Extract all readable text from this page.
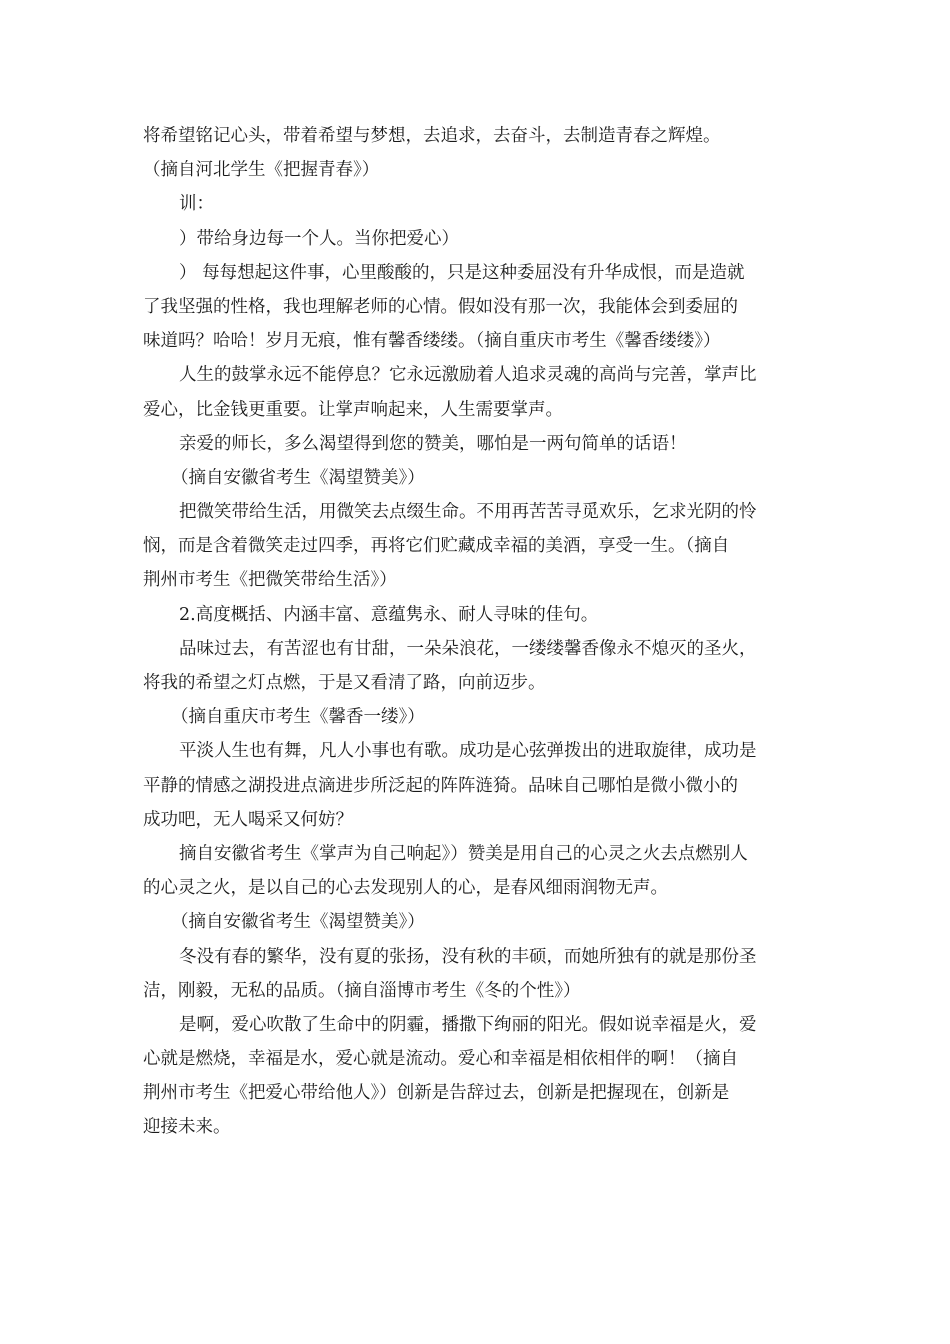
将希望铭记心头，带着希望与梦想，去追求，去奋斗，去制造青春之辉煌。
（摘自河北学生《把握青春》）
训：
）带给身边每一个人。当你把爱心）
） 每每想起这件事，心里酸酸的，只是这种委屈没有升华成恨，而是造就
了我坚强的性格，我也理解老师的心情。假如没有那一次，我能体会到委屈的
味道吗？哈哈！岁月无痕，惟有馨香缕缕。（摘自重庆市考生《馨香缕缕》）
人生的鼓掌永远不能停息？它永远激励着人追求灵魂的高尚与完善，掌声比
爱心，比金钱更重要。让掌声响起来，人生需要掌声。
亲爱的师长，多么渴望得到您的赞美，哪怕是一两句简单的话语！
（摘自安徽省考生《渴望赞美》）
把微笑带给生活，用微笑去点缀生命。不用再苦苦寻觅欢乐，乞求光阴的怜
悯，而是含着微笑走过四季，再将它们贮藏成幸福的美酒，享受一生。（摘自
荆州市考生《把微笑带给生活》）
2.高度概括、内涵丰富、意蕴隽永、耐人寻味的佳句。
品味过去，有苦涩也有甘甜，一朵朵浪花，一缕缕馨香像永不熄灭的圣火，
将我的希望之灯点燃，于是又看清了路，向前迈步。
（摘自重庆市考生《馨香一缕》）
平淡人生也有舞，凡人小事也有歌。成功是心弦弹拨出的进取旋律，成功是
平静的情感之湖投进点滴进步所泛起的阵阵涟猗。品味自己哪怕是微小微小的
成功吧，无人喝采又何妨？
摘自安徽省考生《掌声为自己响起》）赞美是用自己的心灵之火去点燃别人
的心灵之火，是以自己的心去发现别人的心，是春风细雨润物无声。
（摘自安徽省考生《渴望赞美》）
冬没有春的繁华，没有夏的张扬，没有秋的丰硕，而她所独有的就是那份圣
洁，刚毅，无私的品质。（摘自淄博市考生《冬的个性》）
是啊，爱心吹散了生命中的阴霾，播撒下绚丽的阳光。假如说幸福是火，爱
心就是燃烧，幸福是水，爱心就是流动。爱心和幸福是相依相伴的啊！（摘自
荆州市考生《把爱心带给他人》）创新是告辞过去，创新是把握现在，创新是
迎接未来。
